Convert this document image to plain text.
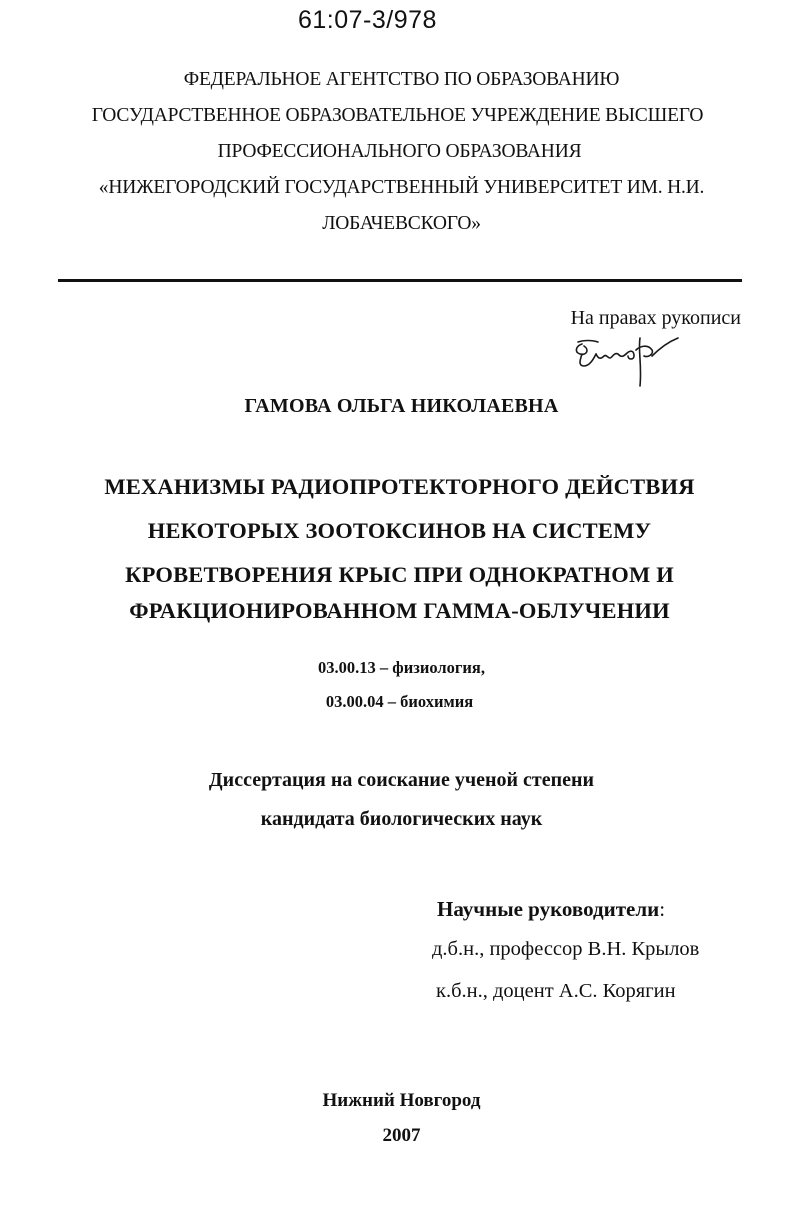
61:07-3/978
ФЕДЕРАЛЬНОЕ АГЕНТСТВО ПО ОБРАЗОВАНИЮ
ГОСУДАРСТВЕННОЕ ОБРАЗОВАТЕЛЬНОЕ УЧРЕЖДЕНИЕ ВЫСШЕГО
ПРОФЕССИОНАЛЬНОГО ОБРАЗОВАНИЯ
«НИЖЕГОРОДСКИЙ ГОСУДАРСТВЕННЫЙ УНИВЕРСИТЕТ ИМ. Н.И.
ЛОБАЧЕВСКОГО»
На правах рукописи
ГАМОВА ОЛЬГА НИКОЛАЕВНА
МЕХАНИЗМЫ РАДИОПРОТЕКТОРНОГО ДЕЙСТВИЯ
НЕКОТОРЫХ ЗООТОКСИНОВ НА СИСТЕМУ
КРОВЕТВОРЕНИЯ КРЫС ПРИ ОДНОКРАТНОМ И
ФРАКЦИОНИРОВАННОМ ГАММА-ОБЛУЧЕНИИ
03.00.13 – физиология,
03.00.04 – биохимия
Диссертация на соискание ученой степени
кандидата биологических наук
Научные руководители:
д.б.н., профессор В.Н. Крылов
к.б.н., доцент А.С. Корягин
Нижний Новгород
2007
